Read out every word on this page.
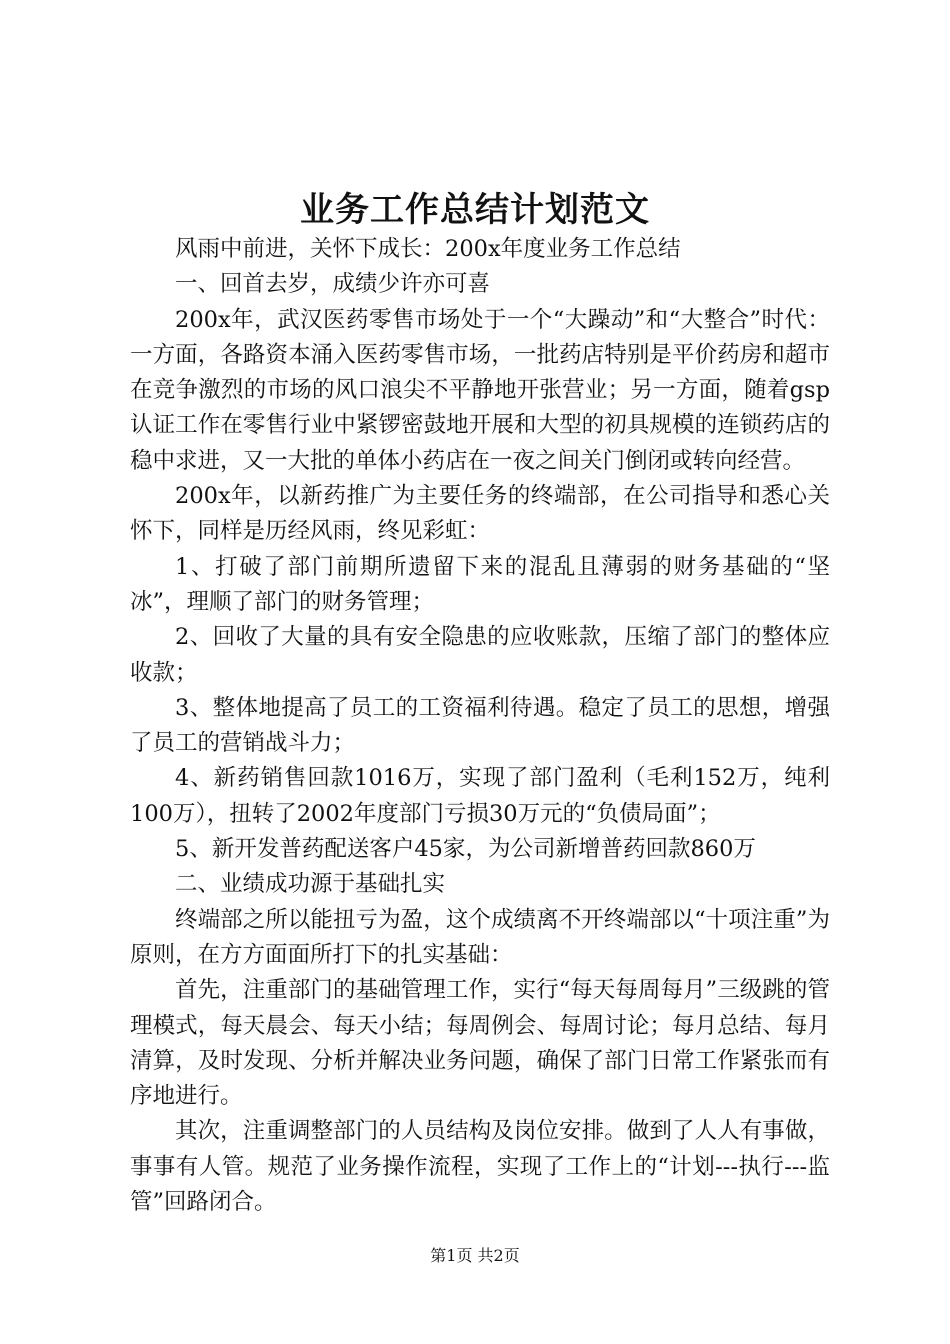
业务工作总结计划范文

风雨中前进，关怀下成长：200x年度业务工作总结

一、回首去岁，成绩少许亦可喜

200x年，武汉医药零售市场处于一个“大躁动”和“大整合”时代：一方面，各路资本涌入医药零售市场，一批药店特别是平价药房和超市在竞争激烈的市场的风口浪尖不平静地开张营业；另一方面，随着gsp认证工作在零售行业中紧锣密鼓地开展和大型的初具规模的连锁药店的稳中求进，又一大批的单体小药店在一夜之间关门倒闭或转向经营。

200x年，以新药推广为主要任务的终端部，在公司指导和悉心关怀下，同样是历经风雨，终见彩虹：

1、打破了部门前期所遗留下来的混乱且薄弱的财务基础的“坚冰”，理顺了部门的财务管理；

2、回收了大量的具有安全隐患的应收账款，压缩了部门的整体应收款；

3、整体地提高了员工的工资福利待遇。稳定了员工的思想，增强了员工的营销战斗力；

4、新药销售回款1016万，实现了部门盈利（毛利152万，纯利100万），扭转了2002年度部门亏损30万元的“负债局面”；

5、新开发普药配送客户45家，为公司新增普药回款860万

二、业绩成功源于基础扎实

终端部之所以能扭亏为盈，这个成绩离不开终端部以“十项注重”为原则，在方方面面所打下的扎实基础：

首先，注重部门的基础管理工作，实行“每天每周每月”三级跳的管理模式，每天晨会、每天小结；每周例会、每周讨论；每月总结、每月清算，及时发现、分析并解决业务问题，确保了部门日常工作紧张而有序地进行。

其次，注重调整部门的人员结构及岗位安排。做到了人人有事做，事事有人管。规范了业务操作流程，实现了工作上的“计划---执行---监管”回路闭合。

第1页 共2页
